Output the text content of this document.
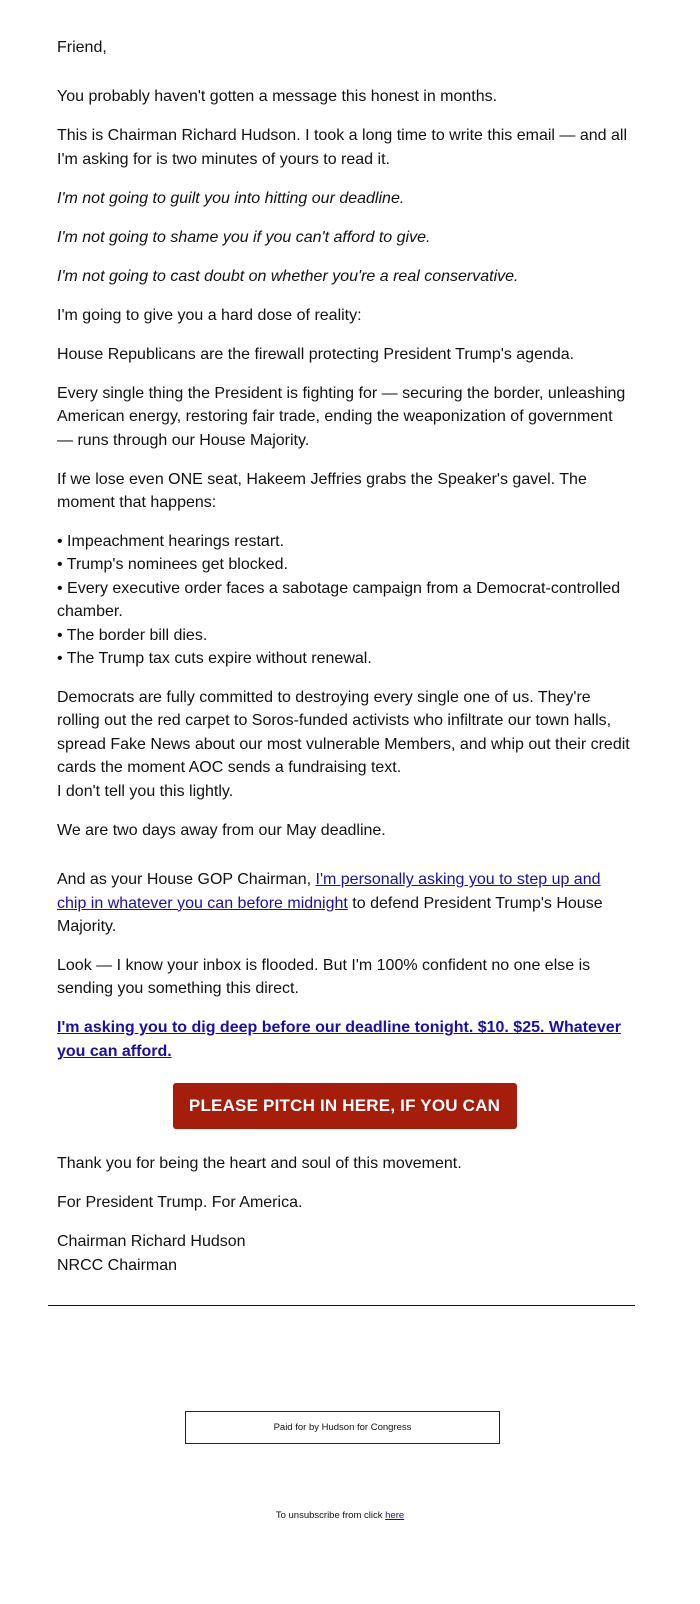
Friend,

You probably haven't gotten a message this honest in months.

This is Chairman Richard Hudson. I took a long time to write this email — and all I'm asking for is two minutes of yours to read it.

I'm not going to guilt you into hitting our deadline.

I'm not going to shame you if you can't afford to give.

I'm not going to cast doubt on whether you're a real conservative.

I'm going to give you a hard dose of reality:

House Republicans are the firewall protecting President Trump's agenda.

Every single thing the President is fighting for — securing the border, unleashing American energy, restoring fair trade, ending the weaponization of government — runs through our House Majority.

If we lose even ONE seat, Hakeem Jeffries grabs the Speaker's gavel. The moment that happens:

• Impeachment hearings restart.
• Trump's nominees get blocked.
• Every executive order faces a sabotage campaign from a Democrat-controlled chamber.
• The border bill dies.
• The Trump tax cuts expire without renewal.

Democrats are fully committed to destroying every single one of us. They're rolling out the red carpet to Soros-funded activists who infiltrate our town halls, spread Fake News about our most vulnerable Members, and whip out their credit cards the moment AOC sends a fundraising text.
I don't tell you this lightly.

We are two days away from our May deadline.

And as your House GOP Chairman, I'm personally asking you to step up and chip in whatever you can before midnight to defend President Trump's House Majority.

Look — I know your inbox is flooded. But I'm 100% confident no one else is sending you something this direct.

I'm asking you to dig deep before our deadline tonight. $10. $25. Whatever you can afford.

PLEASE PITCH IN HERE, IF YOU CAN

Thank you for being the heart and soul of this movement.

For President Trump. For America.

Chairman Richard Hudson
NRCC Chairman

Paid for by Hudson for Congress
To unsubscribe from click here
